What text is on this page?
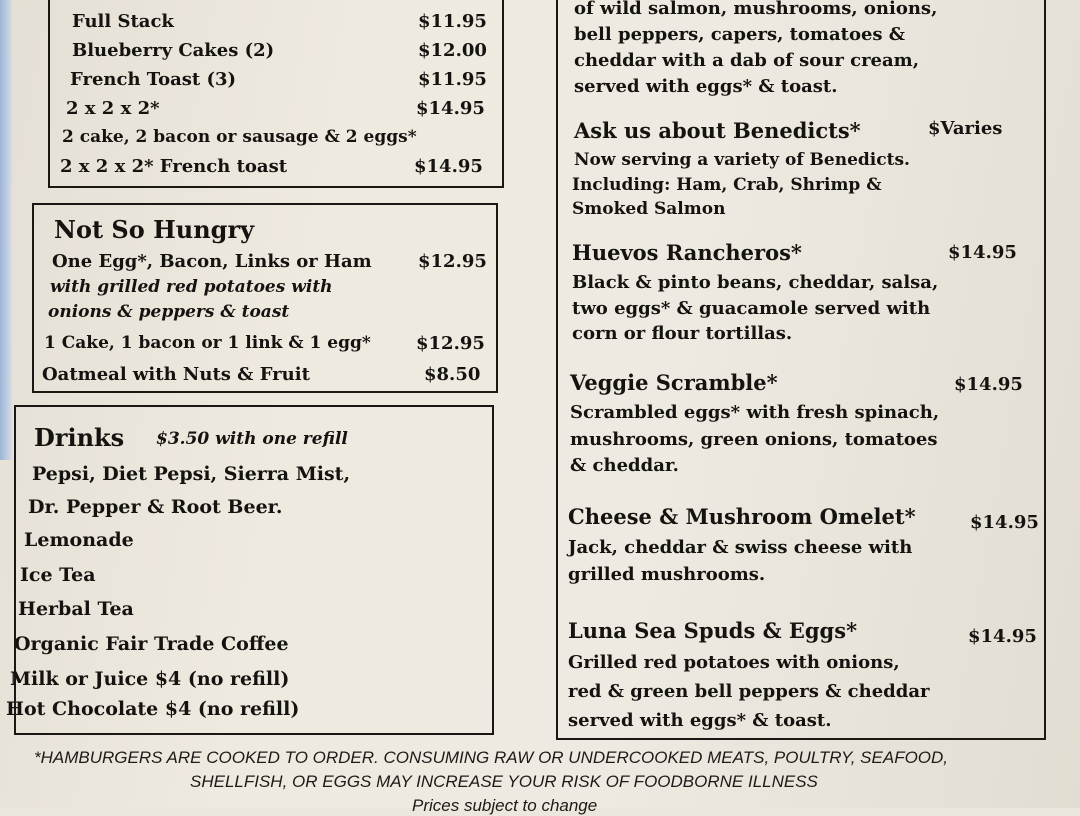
Full Stack	$11.95
Blueberry Cakes (2)	$12.00
French Toast (3)	$11.95
2 x 2 x 2*	$14.95
2 cake, 2 bacon or sausage & 2 eggs*
2 x 2 x 2* French toast	$14.95
Not So Hungry
One Egg*, Bacon, Links or Ham	$12.95
with grilled red potatoes with
onions & peppers & toast
1 Cake, 1 bacon or 1 link & 1 egg*	$12.95
Oatmeal with Nuts & Fruit	$8.50
Drinks $3.50 with one refill
Pepsi, Diet Pepsi, Sierra Mist,
Dr. Pepper & Root Beer.
Lemonade
Ice Tea
Herbal Tea
Organic Fair Trade Coffee
Milk or Juice $4 (no refill)
Hot Chocolate $4 (no refill)
of wild salmon, mushrooms, onions,
bell peppers, capers, tomatoes &
cheddar with a dab of sour cream,
served with eggs* & toast.
Ask us about Benedicts*	$Varies
Now serving a variety of Benedicts.
Including: Ham, Crab, Shrimp &
Smoked Salmon
Huevos Rancheros*	$14.95
Black & pinto beans, cheddar, salsa,
two eggs* & guacamole served with
corn or flour tortillas.
Veggie Scramble*	$14.95
Scrambled eggs* with fresh spinach,
mushrooms, green onions, tomatoes
& cheddar.
Cheese & Mushroom Omelet*	$14.95
Jack, cheddar & swiss cheese with
grilled mushrooms.
Luna Sea Spuds & Eggs*	$14.95
Grilled red potatoes with onions,
red & green bell peppers & cheddar
served with eggs* & toast.
*HAMBURGERS ARE COOKED TO ORDER. CONSUMING RAW OR UNDERCOOKED MEATS, POULTRY, SEAFOOD,
SHELLFISH, OR EGGS MAY INCREASE YOUR RISK OF FOODBORNE ILLNESS
Prices subject to change
